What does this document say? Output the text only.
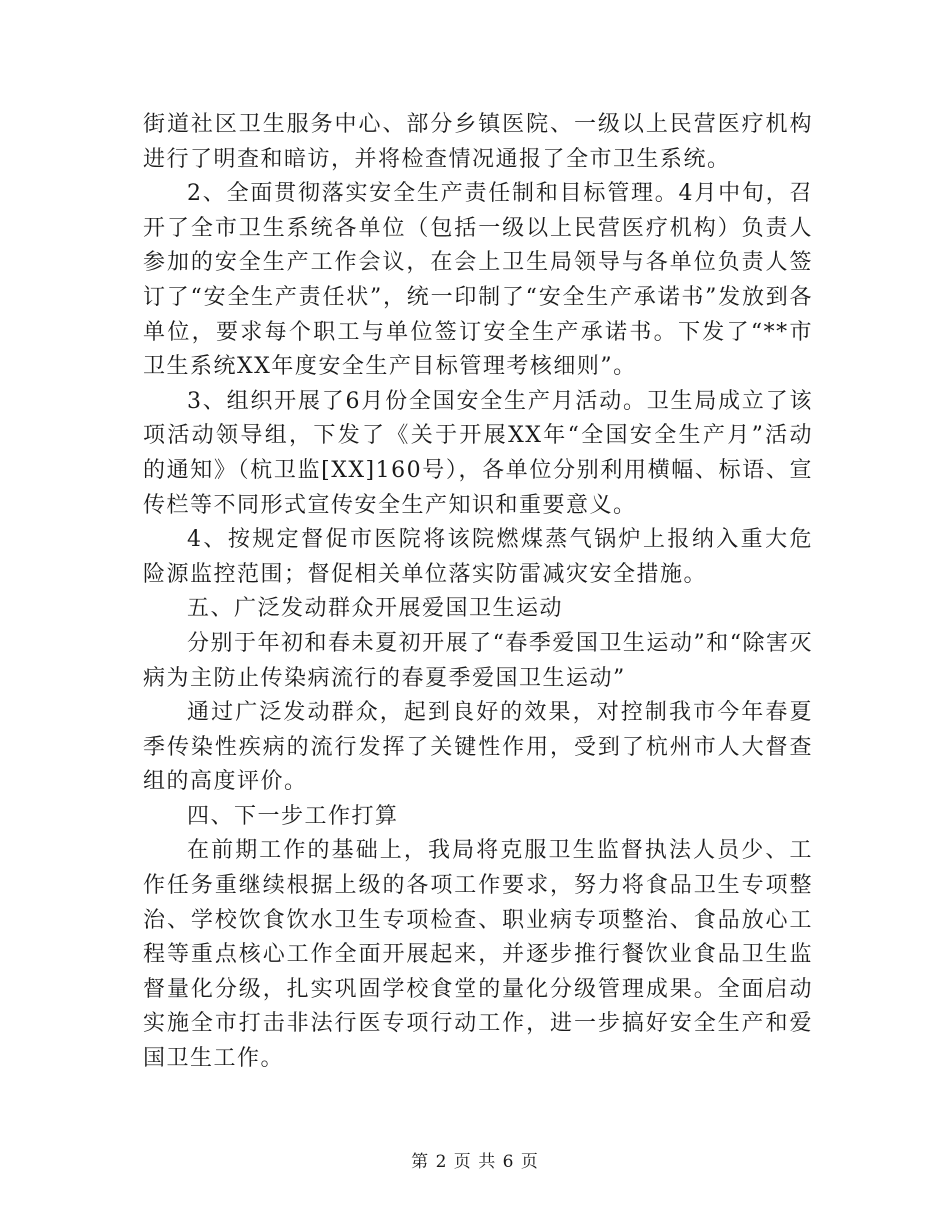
街道社区卫生服务中心、部分乡镇医院、一级以上民营医疗机构进行了明查和暗访，并将检查情况通报了全市卫生系统。

2、全面贯彻落实安全生产责任制和目标管理。4月中旬，召开了全市卫生系统各单位（包括一级以上民营医疗机构）负责人参加的安全生产工作会议，在会上卫生局领导与各单位负责人签订了“安全生产责任状”，统一印制了“安全生产承诺书”发放到各单位，要求每个职工与单位签订安全生产承诺书。下发了“**市卫生系统XX年度安全生产目标管理考核细则”。

3、组织开展了6月份全国安全生产月活动。卫生局成立了该项活动领导组，下发了《关于开展XX年“全国安全生产月”活动的通知》（杭卫监[XX]160号），各单位分别利用横幅、标语、宣传栏等不同形式宣传安全生产知识和重要意义。

4、按规定督促市医院将该院燃煤蒸气锅炉上报纳入重大危险源监控范围；督促相关单位落实防雷减灾安全措施。

五、广泛发动群众开展爱国卫生运动

分别于年初和春未夏初开展了“春季爱国卫生运动”和“除害灭病为主防止传染病流行的春夏季爱国卫生运动”

通过广泛发动群众，起到良好的效果，对控制我市今年春夏季传染性疾病的流行发挥了关键性作用，受到了杭州市人大督查组的高度评价。

四、下一步工作打算

在前期工作的基础上，我局将克服卫生监督执法人员少、工作任务重继续根据上级的各项工作要求，努力将食品卫生专项整治、学校饮食饮水卫生专项检查、职业病专项整治、食品放心工程等重点核心工作全面开展起来，并逐步推行餐饮业食品卫生监督量化分级，扎实巩固学校食堂的量化分级管理成果。全面启动实施全市打击非法行医专项行动工作，进一步搞好安全生产和爱国卫生工作。

第 2 页 共 6 页
